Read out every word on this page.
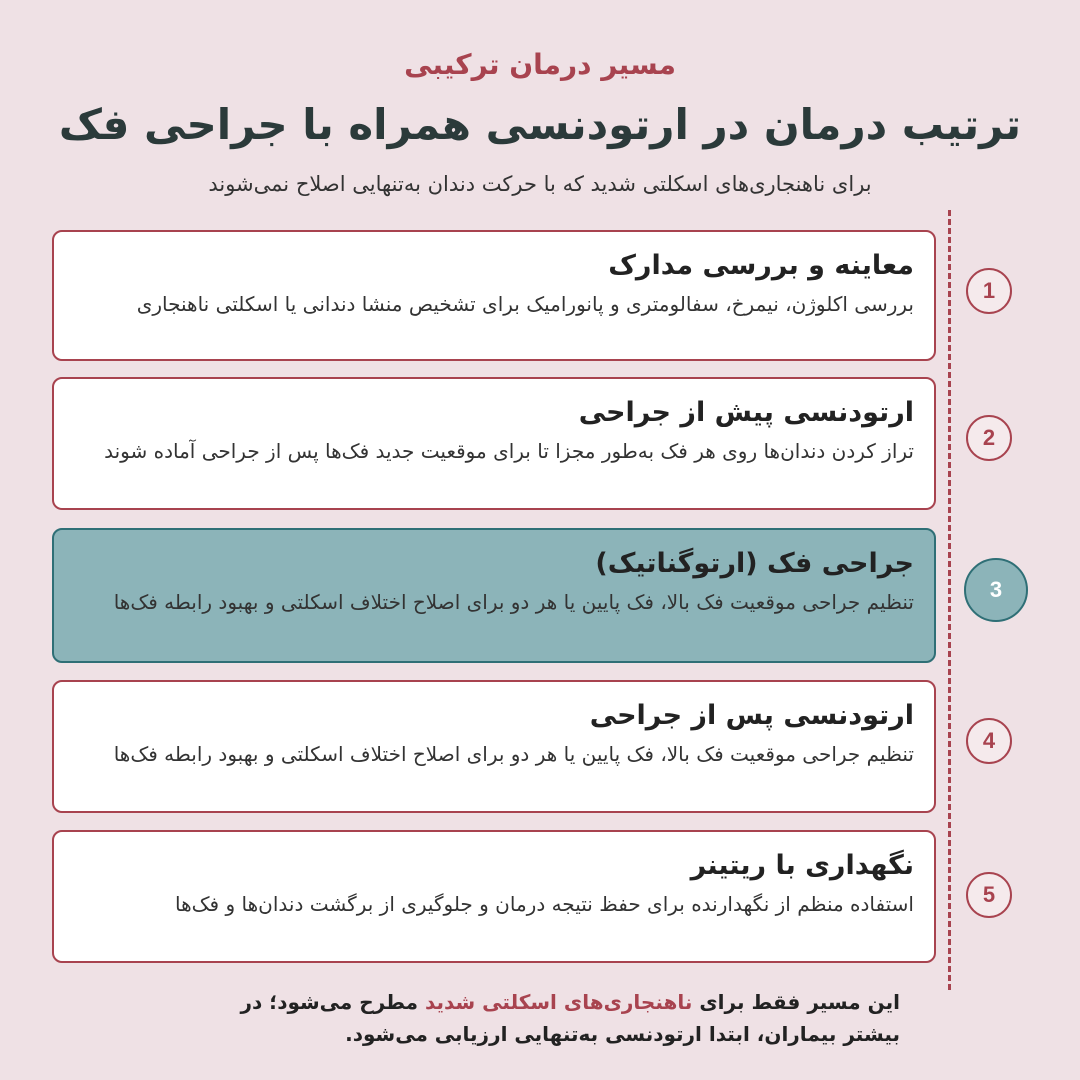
مسیر درمان ترکیبی
ترتیب درمان در ارتودنسی همراه با جراحی فک
برای ناهنجاری‌های اسکلتی شدید که با حرکت دندان به‌تنهایی اصلاح نمی‌شوند
معاینه و بررسی مدارک
بررسی اکلوژن، نیمرخ، سفالومتری و پانورامیک برای تشخیص منشا دندانی یا اسکلتی ناهنجاری
1
ارتودنسی پیش از جراحی
تراز کردن دندان‌ها روی هر فک به‌طور مجزا تا برای موقعیت جدید فک‌ها پس از جراحی آماده شوند
2
جراحی فک (ارتوگناتیک)
تنظیم جراحی موقعیت فک بالا، فک پایین یا هر دو برای اصلاح اختلاف اسکلتی و بهبود رابطه فک‌ها	3
ارتودنسی پس از جراحی
تنظیم جراحی موقعیت فک بالا، فک پایین یا هر دو برای اصلاح اختلاف اسکلتی و بهبود رابطه فک‌ها
4
نگهداری با ریتینر
استفاده منظم از نگهدارنده برای حفظ نتیجه درمان و جلوگیری از برگشت دندان‌ها و فک‌ها	5
این مسیر فقط برای ناهنجاری‌های اسکلتی شدید مطرح می‌شود؛ در بیشتر بیماران، ابتدا ارتودنسی به‌تنهایی ارزیابی می‌شود.
